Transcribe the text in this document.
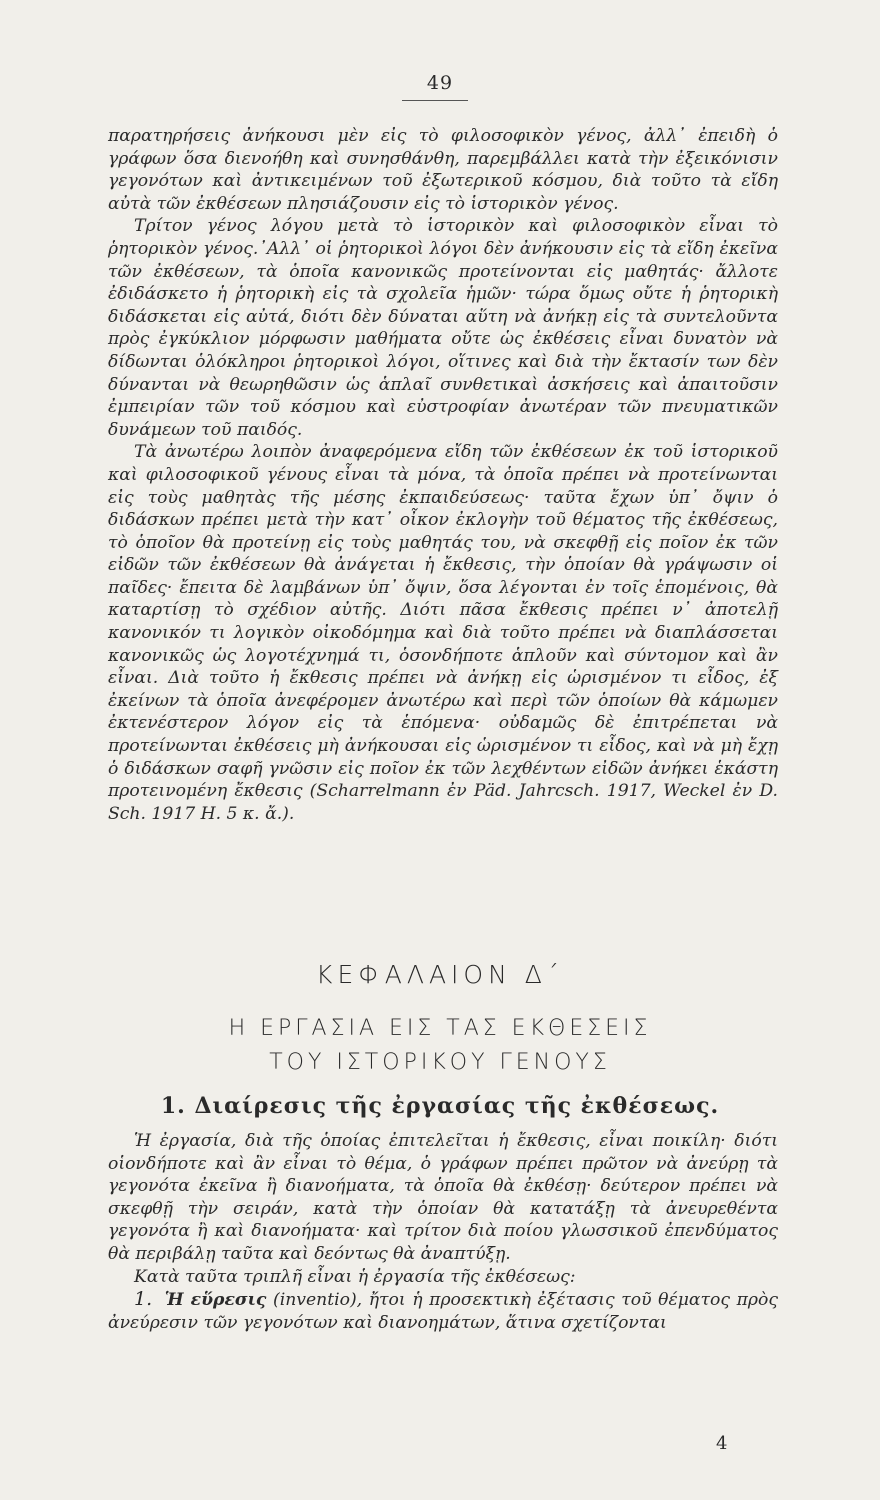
49

παρατηρήσεις ἀνήκουσι μὲν εἰς τὸ φιλοσοφικὸν γένος, ἀλλ᾽ ἐπειδὴ ὁ γράφων ὅσα διενοήθη καὶ συνησθάνθη, παρεμβάλλει κατὰ τὴν ἐξεικόνισιν γεγονότων καὶ ἀντικειμένων τοῦ ἐξωτερικοῦ κόσμου, διὰ τοῦτο τὰ εἴδη αὐτὰ τῶν ἐκθέσεων πλησιάζουσιν εἰς τὸ ἱστορικὸν γένος.

Τρίτον γένος λόγου μετὰ τὸ ἱστορικὸν καὶ φιλοσοφικὸν εἶναι τὸ ῥητορικὸν γένος.᾽Αλλ᾽ οἱ ῥητορικοὶ λόγοι δὲν ἀνήκουσιν εἰς τὰ εἴδη ἐκεῖνα τῶν ἐκθέσεων, τὰ ὁποῖα κανονικῶς προτείνονται εἰς μαθητάς· ἄλλοτε ἐδιδάσκετο ἡ ῥητορικὴ εἰς τὰ σχολεῖα ἡμῶν· τώρα ὅμως οὔτε ἡ ῥητορικὴ διδάσκεται εἰς αὐτά, διότι δὲν δύναται αὕτη νὰ ἀνήκῃ εἰς τὰ συντελοῦντα πρὸς ἐγκύκλιον μόρφωσιν μαθήματα οὔτε ὡς ἐκθέσεις εἶναι δυνατὸν νὰ δίδωνται ὁλόκληροι ῥητορικοὶ λόγοι, οἵτινες καὶ διὰ τὴν ἔκτασίν των δὲν δύνανται νὰ θεωρηθῶσιν ὡς ἁπλαῖ συνθετικαὶ ἀσκήσεις καὶ ἀπαιτοῦσιν ἐμπειρίαν τῶν τοῦ κόσμου καὶ εὐστροφίαν ἀνωτέραν τῶν πνευματικῶν δυνάμεων τοῦ παιδός.

Τὰ ἀνωτέρω λοιπὸν ἀναφερόμενα εἴδη τῶν ἐκθέσεων ἐκ τοῦ ἱστορικοῦ καὶ φιλοσοφικοῦ γένους εἶναι τὰ μόνα, τὰ ὁποῖα πρέπει νὰ προτείνωνται εἰς τοὺς μαθητὰς τῆς μέσης ἐκπαιδεύσεως· ταῦτα ἔχων ὑπ᾽ ὄψιν ὁ διδάσκων πρέπει μετὰ τὴν κατ᾽ οἶκον ἐκλογὴν τοῦ θέματος τῆς ἐκθέσεως, τὸ ὁποῖον θὰ προτείνῃ εἰς τοὺς μαθητάς του, νὰ σκεφθῇ εἰς ποῖον ἐκ τῶν εἰδῶν τῶν ἐκθέσεων θὰ ἀνάγεται ἡ ἔκθεσις, τὴν ὁποίαν θὰ γράψωσιν οἱ παῖδες· ἔπειτα δὲ λαμβάνων ὑπ᾽ ὄψιν, ὅσα λέγονται ἐν τοῖς ἑπομένοις, θὰ καταρτίσῃ τὸ σχέδιον αὐτῆς. Διότι πᾶσα ἔκθεσις πρέπει ν᾽ ἀποτελῇ κανονικόν τι λογικὸν οἰκοδόμημα καὶ διὰ τοῦτο πρέπει νὰ διαπλάσσεται κανονικῶς ὡς λογοτέχνημά τι, ὁσονδήποτε ἁπλοῦν καὶ σύντομον καὶ ἂν εἶναι. Διὰ τοῦτο ἡ ἔκθεσις πρέπει νὰ ἀνήκῃ εἰς ὡρισμένον τι εἶδος, ἐξ ἐκείνων τὰ ὁποῖα ἀνεφέρομεν ἀνωτέρω καὶ περὶ τῶν ὁποίων θὰ κάμωμεν ἐκτενέστερον λόγον εἰς τὰ ἑπόμενα· οὐδαμῶς δὲ ἐπιτρέπεται νὰ προτείνωνται ἐκθέσεις μὴ ἀνήκουσαι εἰς ὡρισμένον τι εἶδος, καὶ νὰ μὴ ἔχῃ ὁ διδάσκων σαφῆ γνῶσιν εἰς ποῖον ἐκ τῶν λεχθέντων εἰδῶν ἀνήκει ἑκάστη προτεινομένη ἔκθεσις (Scharrelmann ἐν Päd. Jahrcsch. 1917, Weckel ἐν D. Sch. 1917 H. 5 κ. ἄ.).

ΚΕΦΑΛΑΙΟΝ Δ΄
Η ΕΡΓΑΣΙΑ ΕΙΣ ΤΑΣ ΕΚΘΕΣΕΙΣ
ΤΟΥ ΙΣΤΟΡΙΚΟΥ ΓΕΝΟΥΣ
1. Διαίρεσις τῆς ἐργασίας τῆς ἐκθέσεως.

Ἡ ἐργασία, διὰ τῆς ὁποίας ἐπιτελεῖται ἡ ἔκθεσις, εἶναι ποικίλη· διότι οἱονδήποτε καὶ ἂν εἶναι τὸ θέμα, ὁ γράφων πρέπει πρῶτον νὰ ἀνεύρῃ τὰ γεγονότα ἐκεῖνα ἢ διανοήματα, τὰ ὁποῖα θὰ ἐκθέσῃ· δεύτερον πρέπει νὰ σκεφθῇ τὴν σειράν, κατὰ τὴν ὁποίαν θὰ κατατάξῃ τὰ ἀνευρεθέντα γεγονότα ἢ καὶ διανοήματα· καὶ τρίτον διὰ ποίου γλωσσικοῦ ἐπενδύματος θὰ περιβάλῃ ταῦτα καὶ δεόντως θὰ ἀναπτύξῃ.

Κατὰ ταῦτα τριπλῆ εἶναι ἡ ἐργασία τῆς ἐκθέσεως:

1. Ἡ εὕρεσις (inventio), ἤτοι ἡ προσεκτικὴ ἐξέτασις τοῦ θέματος πρὸς ἀνεύρεσιν τῶν γεγονότων καὶ διανοημάτων, ἅτινα σχετίζονται

4
